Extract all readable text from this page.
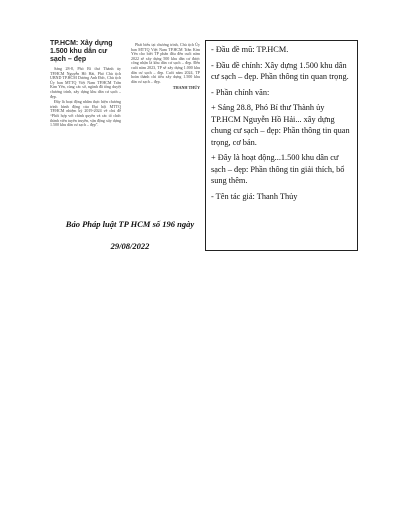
TP.HCM: Xây dựng 1.500 khu dân cư sạch – đẹp

Sáng 28-8, Phó Bí thư Thành ủy TP.HCM Nguyễn Hồ Hải, Phó Chủ tịch UBND TP.HCM Dương Anh Đức, Chủ tịch Ủy ban MTTQ Việt Nam TP.HCM Trần Kim Yến, cùng các sở, ngành đã tổng duyệt chương trình, xây dựng khu dân cư sạch – đẹp.

Đây là hoạt động nhằm thực hiện chương trình hành động của Đại hội MTTQ TP.HCM nhiệm kỳ 2019-2024 về chủ đề “Phối hợp với chính quyền và các tổ chức thành viên tuyên truyền, vận động xây dựng 1.500 khu dân cư sạch – đẹp”.

Phát biểu tại chương trình, Chủ tịch Ủy ban MTTQ Việt Nam TP.HCM Trần Kim Yến cho biết TP phấn đấu đến cuối năm 2022 sẽ xây dựng 500 khu dân cư được công nhận là khu dân cư sạch – đẹp. Đến cuối năm 2023, TP sẽ xây dựng 1.000 khu dân cư sạch – đẹp. Cuối năm 2024, TP hoàn thành chỉ tiêu xây dựng 1.500 khu dân cư sạch – đẹp.

THANH THÚY
Báo Pháp luật TP HCM số 196 ngày
29/08/2022

- Đầu đề mũ: TP.HCM.

- Đầu đề chính: Xây dựng 1.500 khu dân cư sạch – đẹp. Phần thông tin quan trọng.

- Phần chính văn:

+ Sáng 28.8, Phó Bí thư Thành ủy TP.HCM Nguyễn Hồ Hải... xây dựng chung cư sạch – đẹp: Phần thông tin quan trọng, cơ bản.

+ Đây là hoạt động...1.500 khu dân cư sạch – đẹp: Phần thông tin giải thích, bổ sung thêm.

- Tên tác giả: Thanh Thủy
